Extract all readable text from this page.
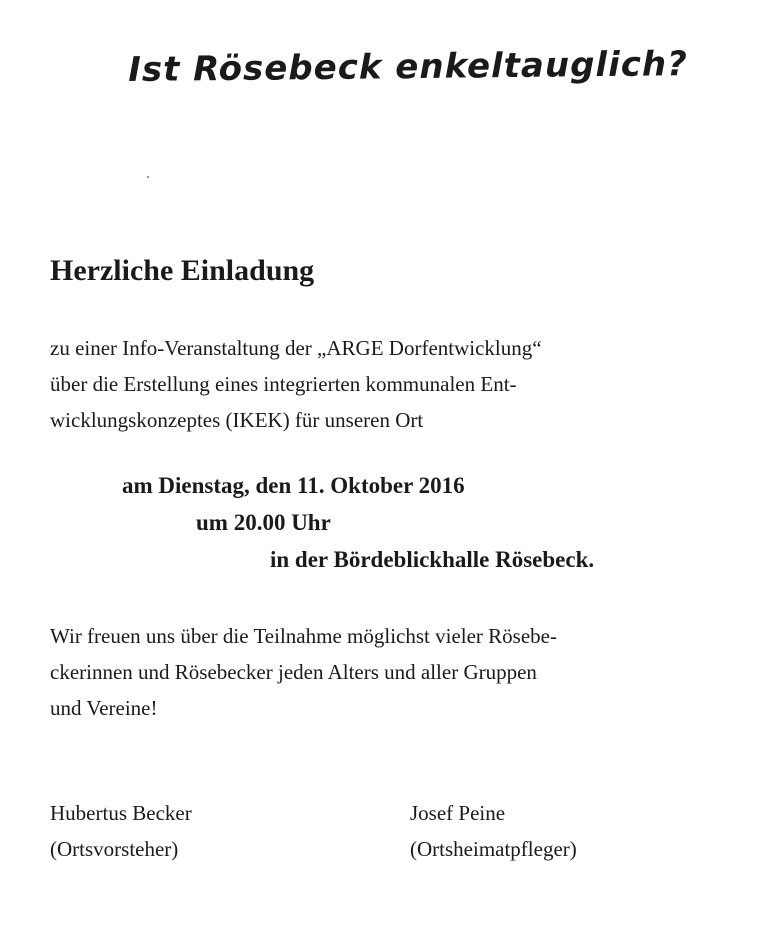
Ist Rösebeck enkeltauglich?
Herzliche Einladung
zu einer Info-Veranstaltung der „ARGE Dorfentwicklung“
über die Erstellung eines integrierten kommunalen Ent-
wicklungskonzeptes (IKEK) für unseren Ort
am Dienstag, den 11. Oktober 2016
um 20.00 Uhr
in der Bördeblickhalle Rösebeck.
Wir freuen uns über die Teilnahme möglichst vieler Rösebe-
ckerinnen und Rösebecker jeden Alters und aller Gruppen
und Vereine!
Hubertus Becker
(Ortsvorsteher)
Josef Peine
(Ortsheimatpfleger)
